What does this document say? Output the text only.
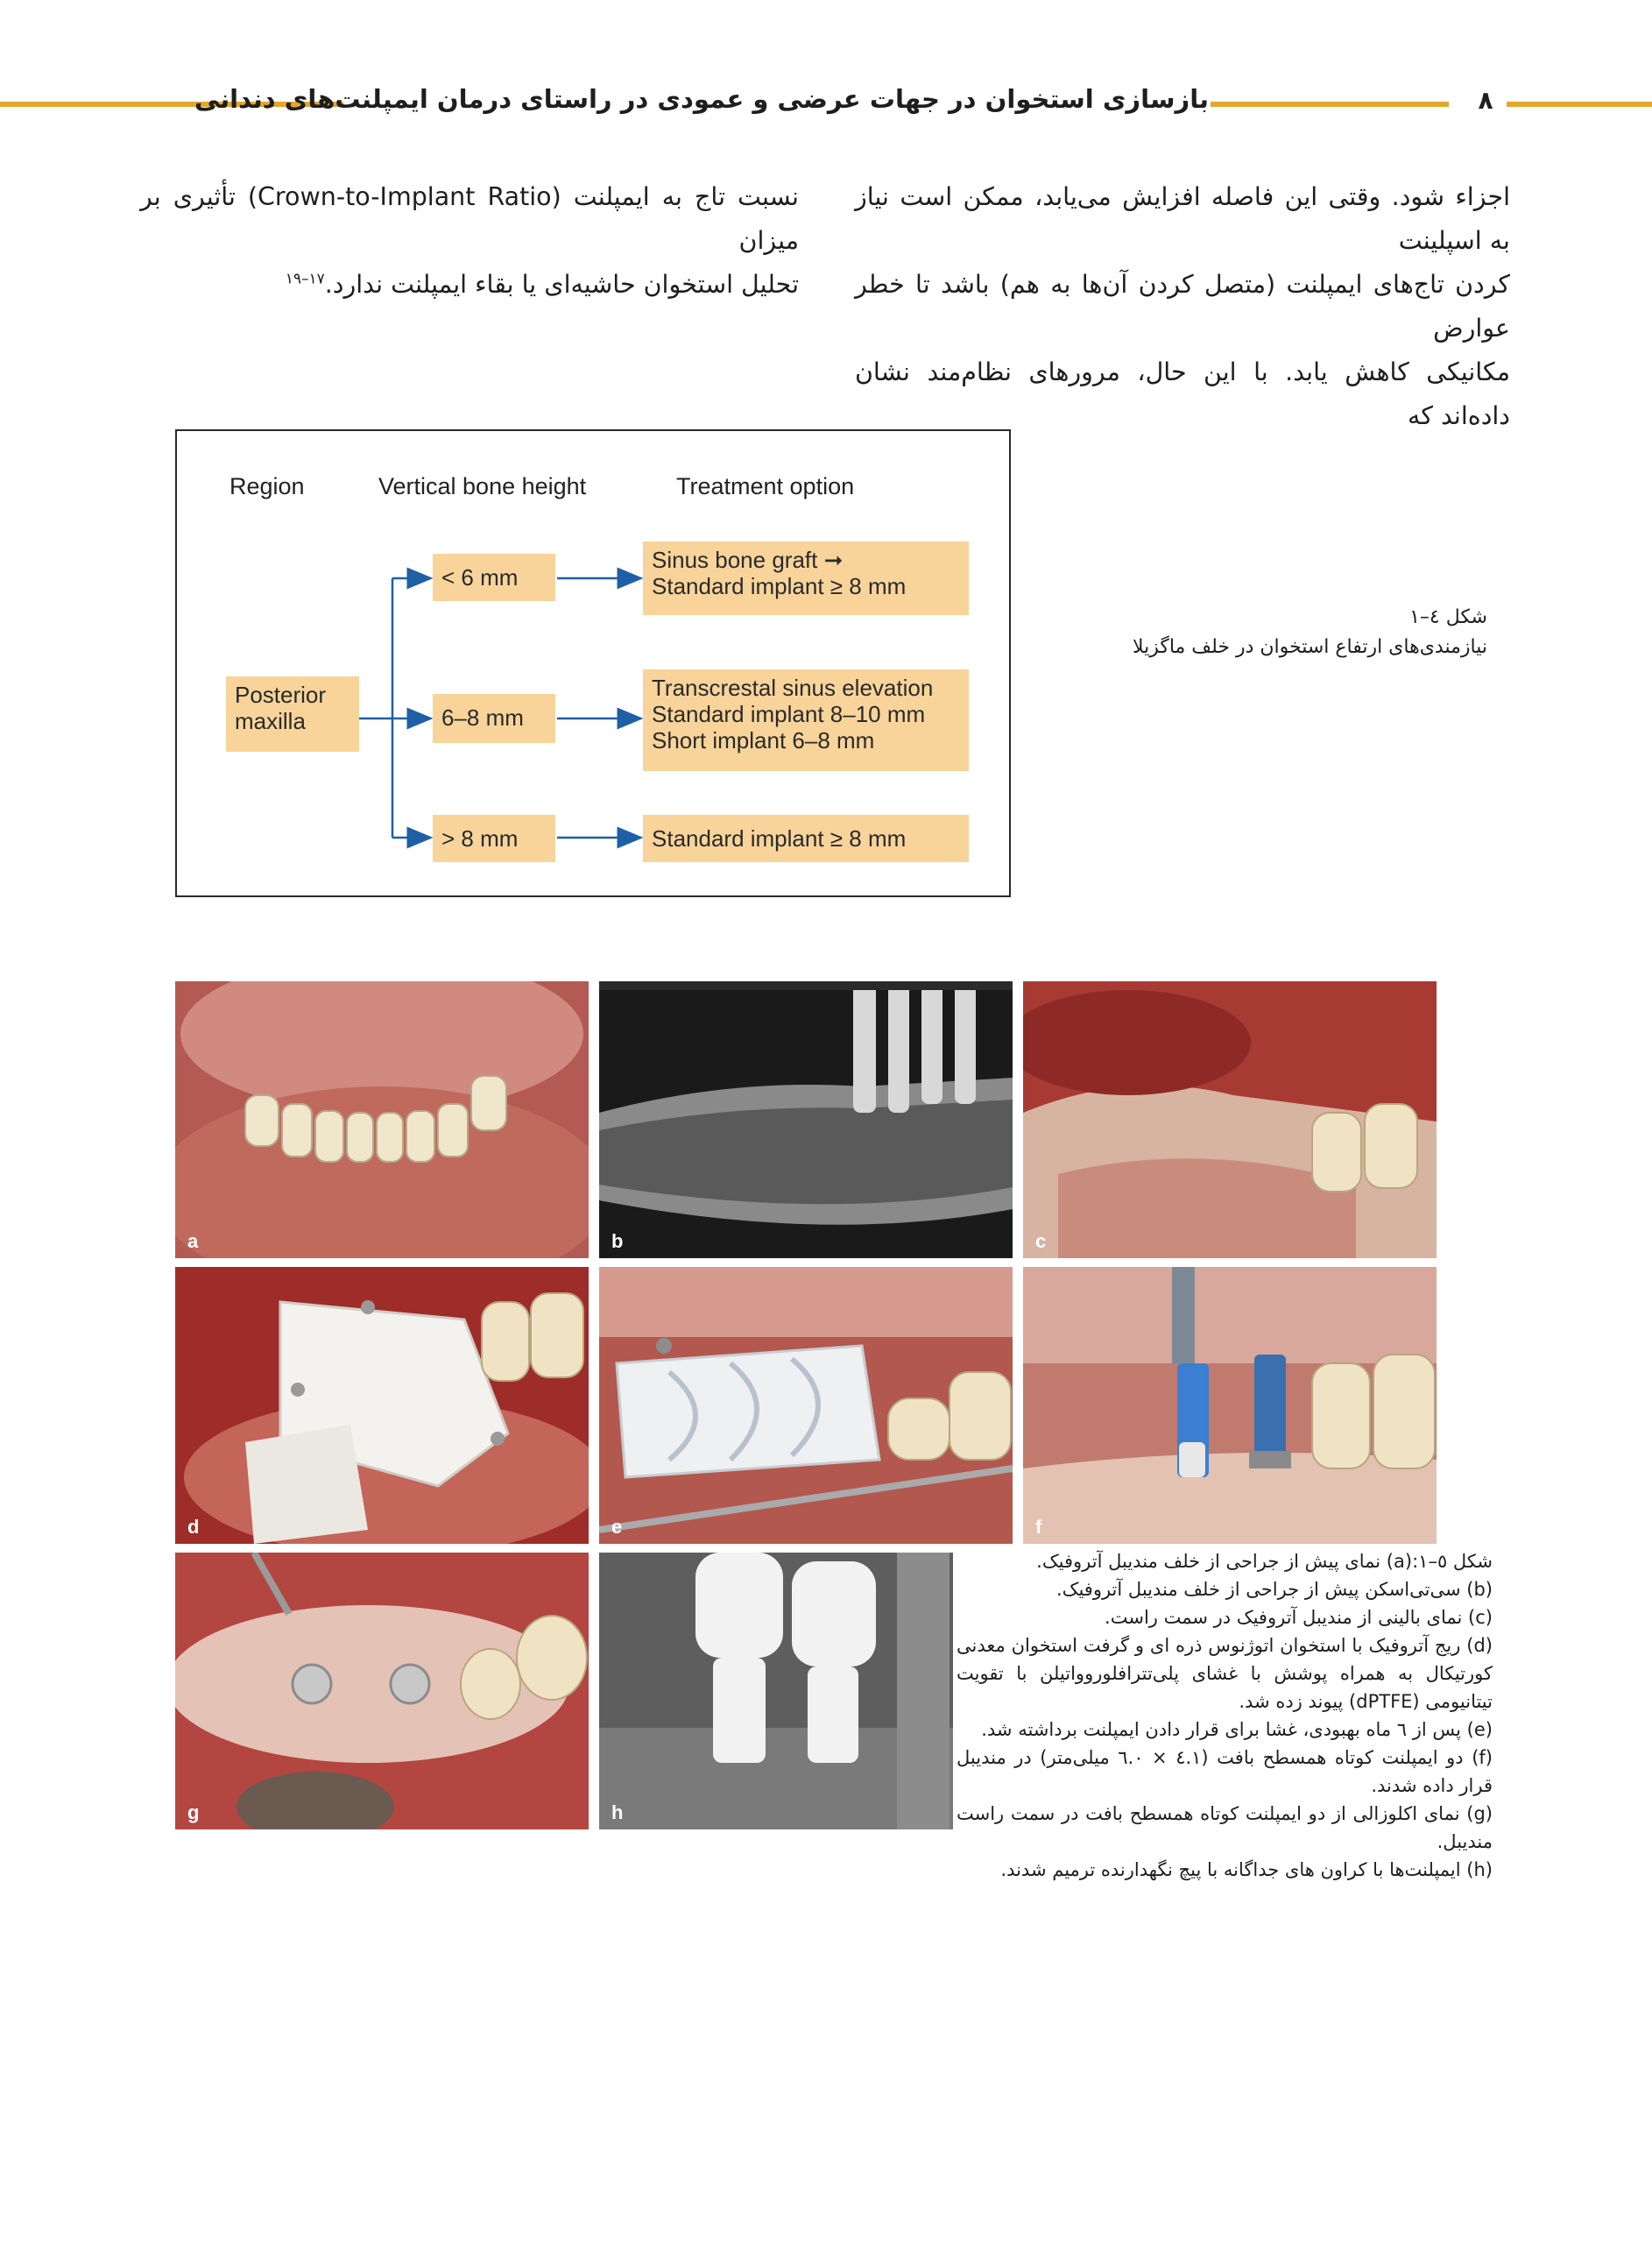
بازسازی استخوان در جهات عرضی و عمودی در راستای درمان ایمپلنت‌های دندانی	۸

اجزاء شود. وقتی این فاصله افزایش می‌یابد، ممکن است نیاز به اسپلینت

کردن تاج‌های ایمپلنت (متصل کردن آن‌ها به هم) باشد تا خطر عوارض

مکانیکی کاهش یابد. با این حال، مرورهای نظام‌مند نشان داده‌اند که

نسبت تاج به ایمپلنت (Crown-to-Implant Ratio) تأثیری بر میزان

تحلیل استخوان حاشیه‌ای یا بقاء ایمپلنت ندارد.$^{۱۷-۱۹}$

Region	Vertical bone height	Treatment option
Posterior
maxilla
< 6 mm
6–8 mm
> 8 mm
Sinus bone graft ➞
Standard implant ≥ 8 mm
Transcrestal sinus elevation
Standard implant 8–10 mm
Short implant 6–8 mm
Standard implant ≥ 8 mm
شکل ٤–١
نیازمندی‌های ارتفاع استخوان در خلف ماگزیلا
a	b	c
d	e	f
g	h
شکل ٥–١:(a) نمای پیش از جراحی از خلف مندیبل آتروفیک.
(b) سی‌تی‌اسکن پیش از جراحی از خلف مندیبل آتروفیک.
(c) نمای بالینی از مندیبل آتروفیک در سمت راست.
(d) ریج آتروفیک با استخوان اتوژنوس ذره ای و گرفت استخوان معدنی کورتیکال به همراه پوشش با غشای پلی‌تترافلوروواتیلن با تقویت تیتانیومی (dPTFE) پیوند زده شد.
(e) پس از ٦ ماه بهبودی، غشا برای قرار دادن ایمپلنت برداشته شد.
(f) دو ایمپلنت کوتاه همسطح بافت (٤.١ × ٦.٠ میلی‌متر) در مندیبل قرار داده شدند.
(g) نمای اکلوزالی از دو ایمپلنت کوتاه همسطح بافت در سمت راست مندیبل.
(h) ایمپلنت‌ها با کراون های جداگانه با پیچ نگهدارنده ترمیم شدند.
